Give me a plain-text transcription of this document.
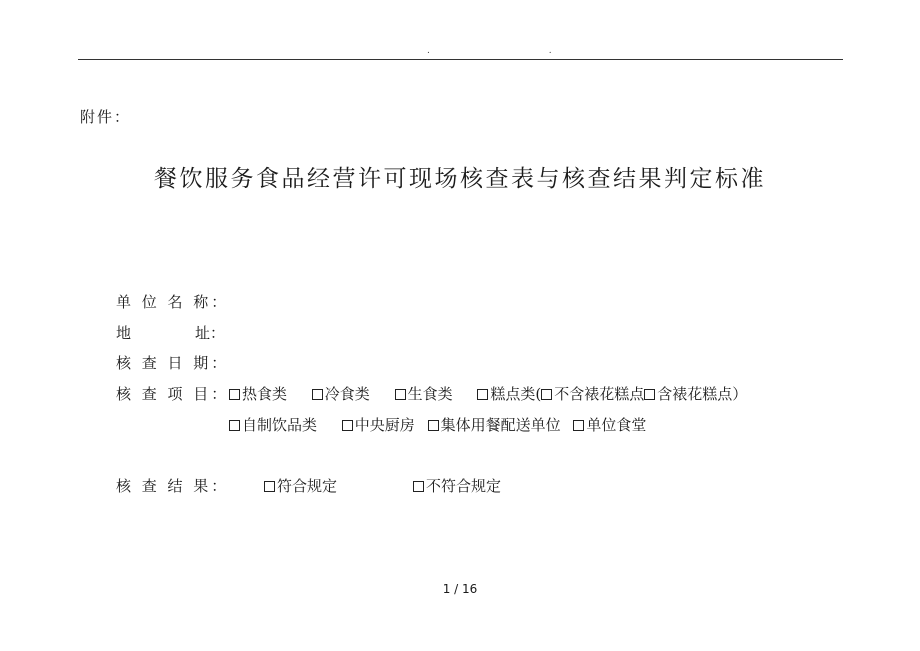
. .
附件：
餐饮服务食品经营许可现场核查表与核查结果判定标准
单 位 名 称：
地	址：
核 查 日 期：
核 查 项 目： 热食类	冷食类	生食类	糕点类( 不含裱花糕点 含裱花糕点）
自制饮品类	中央厨房 集体用餐配送单位 单位食堂
核 查 结 果：	符合规定	不符合规定
1 / 16
